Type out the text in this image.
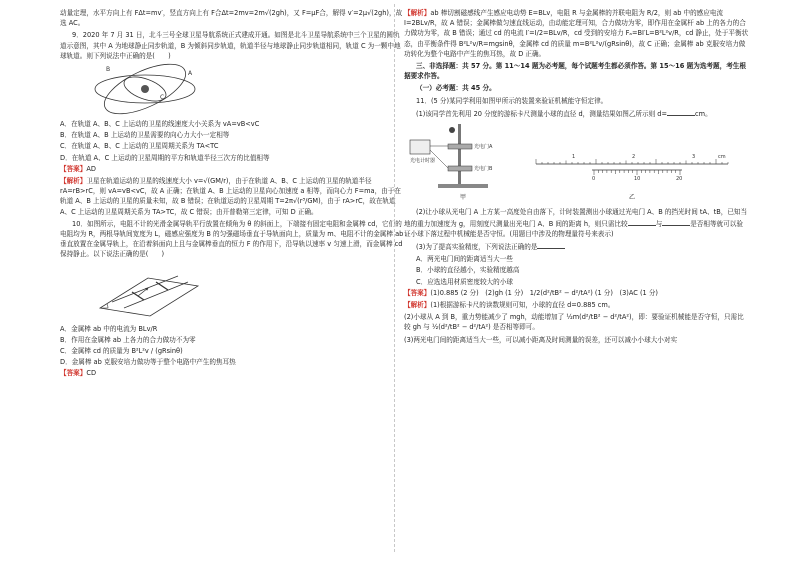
动量定理，水平方向上有 FΔt=mv′，竖直方向上有 F合Δt=2mv=2m√(2gh)，又 F=μF合，解得 v′=2μ√(2gh)，故选 AC。

9．2020 年 7 月 31 日，北斗三号全球卫星导航系统正式建成开通。如图是北斗卫星导航系统中三个卫星的圆轨道示意图，其中 A 为地球静止同步轨道，B 为倾斜同步轨道，轨道半径与地球静止同步轨道相同，轨道 C 为一颗中地球轨道。则下列说法中正确的是(　　)

A
B
C

A．在轨道 A、B、C 上运动的卫星的线速度大小关系为 vA=vB<vC

B．在轨道 A、B 上运动的卫星需要的向心力大小一定相等

C．在轨道 A、B、C 上运动的卫星周期关系为 TA<TC

D．在轨道 A、C 上运动的卫星周期的平方和轨道半径三次方的比值相等

【答案】AD

【解析】卫星在轨道运动的卫星的线速度大小 v=√(GM/r)，由于在轨道 A、B、C 上运动的卫星的轨道半径 rA=rB>rC，则 vA=vB<vC，故 A 正确；在轨道 A、B 上运动的卫星向心加速度 a 相等，而向心力 F=ma，由于在轨道 A、B 上运动的卫星的质量未知，故 B 错误；在轨道运动的卫星周期 T=2π√(r³/GM)，由于 rA>rC，故在轨道 A、C 上运动的卫星周期关系为 TA>TC，故 C 错误；由开普勒第三定律，可知 D 正确。

10．如图所示，电阻不计的光滑金属导轨平行放置在倾角为 θ 的斜面上，下端接有固定电阻和金属棒 cd，它们的电阻均为 R，两根导轨间宽度为 L，磁感应强度为 B 的匀强磁场垂直于导轨面向上，质量为 m、电阻不计的金属棒 ab 垂直放置在金属导轨上，在沿着斜面向上且与金属棒垂直的恒力 F 的作用下，沿导轨以速率 v 匀速上滑，而金属棒 cd 保持静止。以下说法正确的是(　　)

A．金属棒 ab 中的电流为 BLv/R

B．作用在金属棒 ab 上各力的合力做功不为零

C．金属棒 cd 的质量为 B²L²v / (gRsinθ)

D．金属棒 ab 克服安培力做功等于整个电路中产生的焦耳热

【答案】CD

【解析】ab 棒切割磁感线产生感应电动势 E=BLv，电阻 R 与金属棒的并联电阻为 R/2，则 ab 中的感应电流 I=2BLv/R，故 A 错误；金属棒做匀速直线运动，由动能定理可知，合力做功为零，即作用在金属杆 ab 上的各力的合力做功为零，故 B 错误；通过 cd 的电流 I′=I/2=BLv/R，cd 受到的安培力 Fₐ=BI′L=B²L²v/R，cd 静止，处于平衡状态，由平衡条件得 B²L²v/R=mgsinθ，金属棒 cd 的质量 m=B²L²v/(gRsinθ)，故 C 正确；金属棒 ab 克服安培力做功转化为整个电路中产生的焦耳热，故 D 正确。

三、非选择题：共 57 分。第 11～14 题为必考题，每个试题考生都必须作答。第 15～16 题为选考题，考生根据要求作答。

（一）必考题：共 45 分。

11．(5 分)某同学利用如图甲所示的装置来验证机械能守恒定律。

(1)该同学首先利用 20 分度的游标卡尺测量小球的直径 d，测量结果如图乙所示则 d=	cm。

光电门A
光电门B
光电计时器
甲
1	2	3	cm
0	10	20
乙

(2)让小球从光电门 A 上方某一高度处自由落下，计时装置测出小球通过光电门 A、B 的挡光时间 tA、tB，已知当地的重力加速度为 g，用刻度尺测量出光电门 A、B 间的距离 h，则只需比较	与	是否相等就可以验证小球下落过程中机械能是否守恒。(用题目中涉及的物理量符号来表示)

(3)为了提高实验精度，下列说法正确的是

A．两光电门间的距离适当大一些

B．小球的直径越小，实验精度越高

C．应选选用材质密度较大的小球

【答案】(1)0.885 (2 分)　(2)gh (1 分)　1/2(d²/tB² − d²/tA²) (1 分)　(3)AC (1 分)

【解析】(1)根据游标卡尺的读数规则可知，小球的直径 d=0.885 cm。

(2)小球从 A 到 B，重力势能减少了 mgh，动能增加了 ½m(d²/tB² − d²/tA²)，即：要验证机械能是否守恒，只需比较 gh 与 ½(d²/tB² − d²/tA²) 是否相等即可。

(3)两光电门间的距离适当大一些，可以减小距离及时间测量的误差，还可以减小小球大小对实
